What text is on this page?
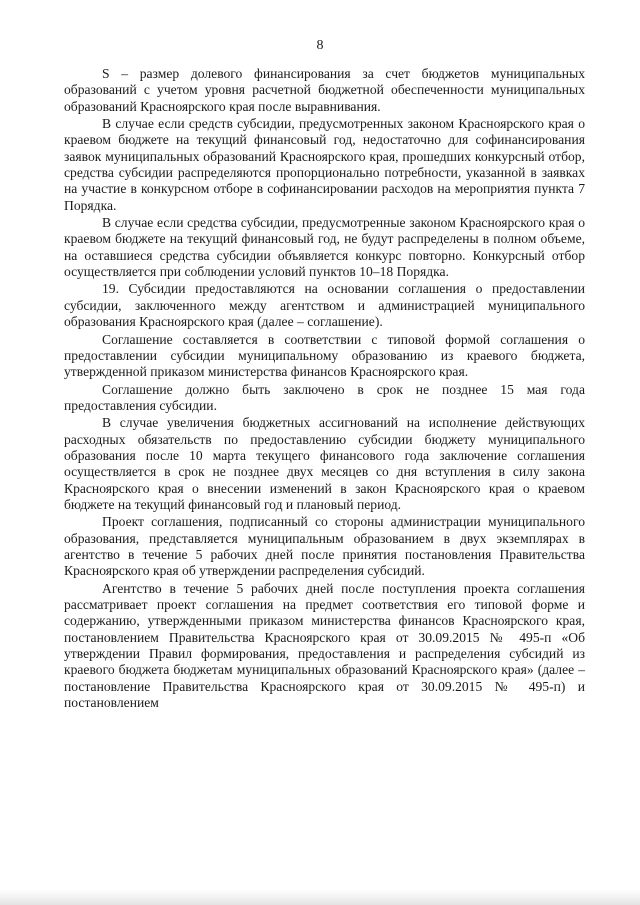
8

S – размер долевого финансирования за счет бюджетов муниципальных образований с учетом уровня расчетной бюджетной обеспеченности муниципальных образований Красноярского края после выравнивания.

В случае если средств субсидии, предусмотренных законом Красноярского края о краевом бюджете на текущий финансовый год, недостаточно для софинансирования заявок муниципальных образований Красноярского края, прошедших конкурсный отбор, средства субсидии распределяются пропорционально потребности, указанной в заявках на участие в конкурсном отборе в софинансировании расходов на мероприятия пункта 7 Порядка.

В случае если средства субсидии, предусмотренные законом Красноярского края о краевом бюджете на текущий финансовый год, не будут распределены в полном объеме, на оставшиеся средства субсидии объявляется конкурс повторно. Конкурсный отбор осуществляется при соблюдении условий пунктов 10–18 Порядка.

19. Субсидии предоставляются на основании соглашения о предоставлении субсидии, заключенного между агентством и администрацией муниципального образования Красноярского края (далее – соглашение).

Соглашение составляется в соответствии с типовой формой соглашения о предоставлении субсидии муниципальному образованию из краевого бюджета, утвержденной приказом министерства финансов Красноярского края.

Соглашение должно быть заключено в срок не позднее 15 мая года предоставления субсидии.

В случае увеличения бюджетных ассигнований на исполнение действующих расходных обязательств по предоставлению субсидии бюджету муниципального образования после 10 марта текущего финансового года заключение соглашения осуществляется в срок не позднее двух месяцев со дня вступления в силу закона Красноярского края о внесении изменений в закон Красноярского края о краевом бюджете на текущий финансовый год и плановый период.

Проект соглашения, подписанный со стороны администрации муниципального образования, представляется муниципальным образованием в двух экземплярах в агентство в течение 5 рабочих дней после принятия постановления Правительства Красноярского края об утверждении распределения субсидий.

Агентство в течение 5 рабочих дней после поступления проекта соглашения рассматривает проект соглашения на предмет соответствия его типовой форме и содержанию, утвержденными приказом министерства финансов Красноярского края, постановлением Правительства Красноярского края от 30.09.2015 № 495-п «Об утверждении Правил формирования, предоставления и распределения субсидий из краевого бюджета бюджетам муниципальных образований Красноярского края» (далее – постановление Правительства Красноярского края от 30.09.2015 № 495-п) и постановлением
